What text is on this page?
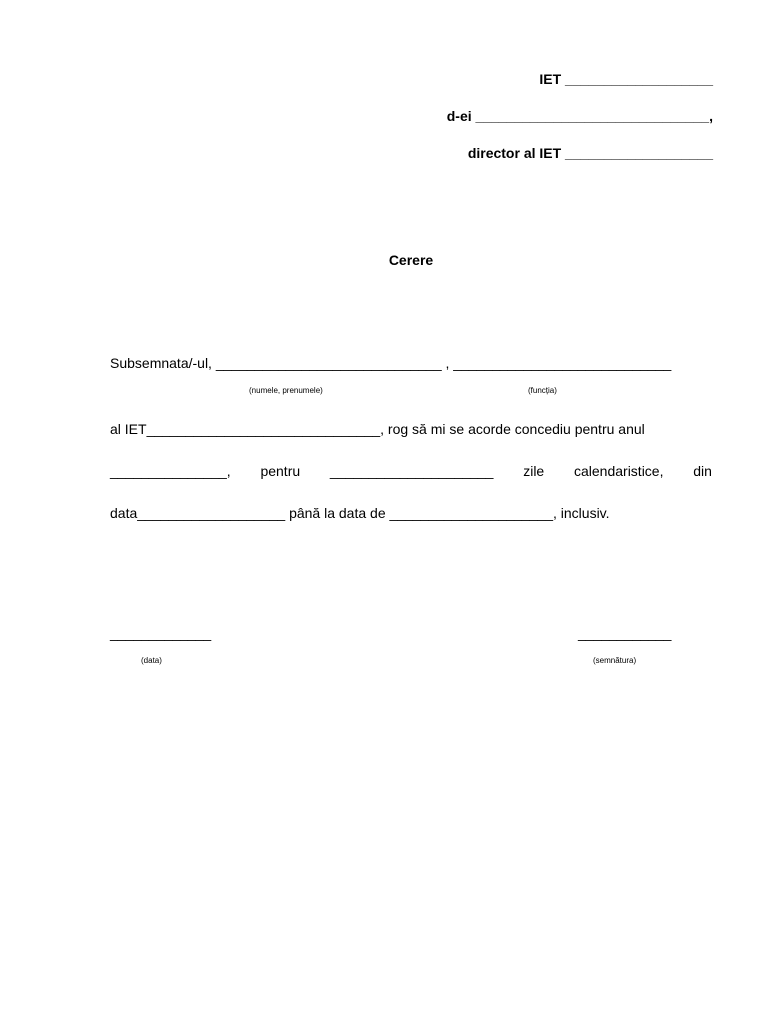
IET ___________________
d-ei ______________________________,
director al IET ___________________
Cerere
Subsemnata/-ul, _____________________________ , ____________________________
(numele, prenumele)	(funcția)
al IET______________________________, rog să mi se acorde concediu pentru anul
_______________, pentru _____________________ zile calendaristice, din
data___________________ până la data de _____________________, inclusiv.
_____________
(data)
____________
(semnătura)
